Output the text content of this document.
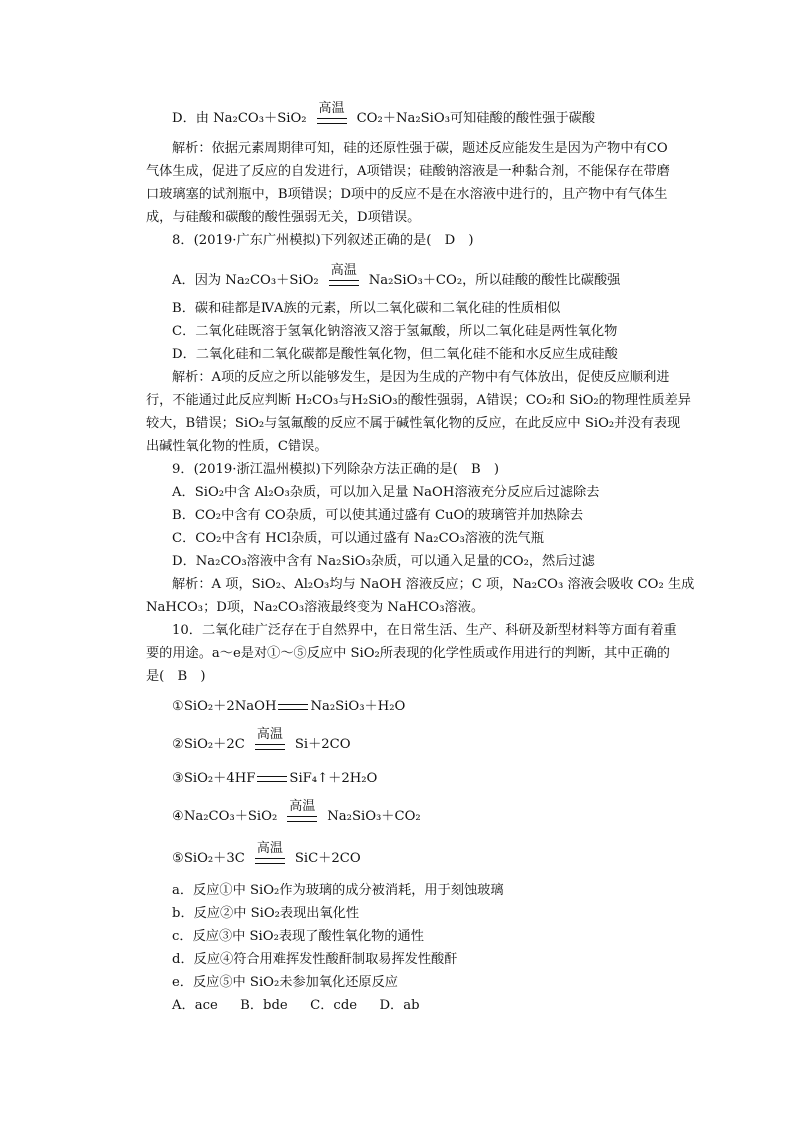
D．由 Na₂CO₃＋SiO₂
高温
CO₂＋Na₂SiO₃可知硅酸的酸性强于碳酸
解析：依据元素周期律可知，硅的还原性强于碳，题述反应能发生是因为产物中有CO
气体生成，促进了反应的自发进行，A项错误；硅酸钠溶液是一种黏合剂，不能保存在带磨
口玻璃塞的试剂瓶中，B项错误；D项中的反应不是在水溶液中进行的，且产物中有气体生
成，与硅酸和碳酸的酸性强弱无关，D项错误。
8．(2019·广东广州模拟)下列叙述正确的是(　D　)
A．因为 Na₂CO₃＋SiO₂
高温
Na₂SiO₃＋CO₂，所以硅酸的酸性比碳酸强
B．碳和硅都是ⅣA族的元素，所以二氧化碳和二氧化硅的性质相似
C．二氧化硅既溶于氢氧化钠溶液又溶于氢氟酸，所以二氧化硅是两性氧化物
D．二氧化硅和二氧化碳都是酸性氧化物，但二氧化硅不能和水反应生成硅酸
解析：A项的反应之所以能够发生，是因为生成的产物中有气体放出，促使反应顺利进
行，不能通过此反应判断 H₂CO₃与H₂SiO₃的酸性强弱，A错误；CO₂和 SiO₂的物理性质差异
较大，B错误；SiO₂与氢氟酸的反应不属于碱性氧化物的反应，在此反应中 SiO₂并没有表现
出碱性氧化物的性质，C错误。
9．(2019·浙江温州模拟)下列除杂方法正确的是(　B　)
A．SiO₂中含 Al₂O₃杂质，可以加入足量 NaOH溶液充分反应后过滤除去
B．CO₂中含有 CO杂质，可以使其通过盛有 CuO的玻璃管并加热除去
C．CO₂中含有 HCl杂质，可以通过盛有 Na₂CO₃溶液的洗气瓶
D．Na₂CO₃溶液中含有 Na₂SiO₃杂质，可以通入足量的CO₂，然后过滤
解析：A 项，SiO₂、Al₂O₃均与 NaOH 溶液反应；C 项，Na₂CO₃ 溶液会吸收 CO₂ 生成
NaHCO₃；D项，Na₂CO₃溶液最终变为 NaHCO₃溶液。
10．二氧化硅广泛存在于自然界中，在日常生活、生产、科研及新型材料等方面有着重
要的用途。a～e是对①～⑤反应中 SiO₂所表现的化学性质或作用进行的判断，其中正确的
是(　B　)
①SiO₂＋2NaOH	Na₂SiO₃＋H₂O
②SiO₂＋2C
高温
Si＋2CO
③SiO₂＋4HF	SiF₄↑＋2H₂O
④Na₂CO₃＋SiO₂
高温
Na₂SiO₃＋CO₂
⑤SiO₂＋3C
高温
SiC＋2CO
a．反应①中 SiO₂作为玻璃的成分被消耗，用于刻蚀玻璃
b．反应②中 SiO₂表现出氧化性
c．反应③中 SiO₂表现了酸性氧化物的通性
d．反应④符合用难挥发性酸酐制取易挥发性酸酐
e．反应⑤中 SiO₂未参加氧化还原反应
A．ace B．bde C．cde D．ab
